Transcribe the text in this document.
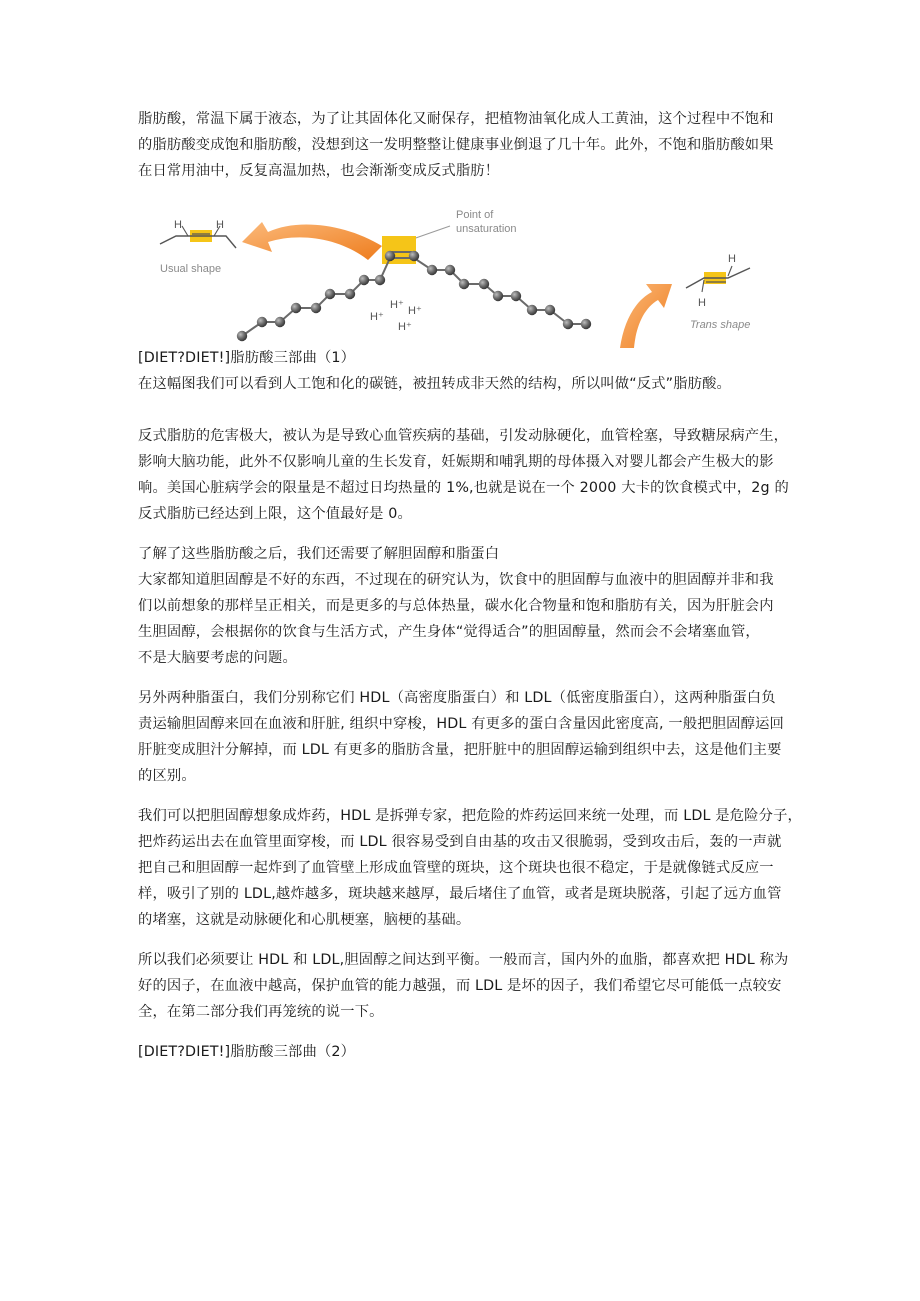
脂肪酸，常温下属于液态，为了让其固体化又耐保存，把植物油氧化成人工黄油，这个过程中不饱和
的脂肪酸变成饱和脂肪酸，没想到这一发明整整让健康事业倒退了几十年。此外，不饱和脂肪酸如果
在日常用油中，反复高温加热，也会渐渐变成反式脂肪！

H	H
Usual shape
Point of
unsaturation
H⁺
H⁺ H⁺
H⁺
H
H
Trans shape

[DIET?DIET!]脂肪酸三部曲（1）
在这幅图我们可以看到人工饱和化的碳链，被扭转成非天然的结构，所以叫做“反式”脂肪酸。

反式脂肪的危害极大，被认为是导致心血管疾病的基础，引发动脉硬化，血管栓塞，导致糖尿病产生，
影响大脑功能，此外不仅影响儿童的生长发育，妊娠期和哺乳期的母体摄入对婴儿都会产生极大的影
响。美国心脏病学会的限量是不超过日均热量的 1%,也就是说在一个 2000 大卡的饮食模式中，2g 的
反式脂肪已经达到上限，这个值最好是 0。

了解了这些脂肪酸之后，我们还需要了解胆固醇和脂蛋白
大家都知道胆固醇是不好的东西，不过现在的研究认为，饮食中的胆固醇与血液中的胆固醇并非和我
们以前想象的那样呈正相关，而是更多的与总体热量，碳水化合物量和饱和脂肪有关，因为肝脏会内
生胆固醇，会根据你的饮食与生活方式，产生身体“觉得适合”的胆固醇量，然而会不会堵塞血管，
不是大脑要考虑的问题。

另外两种脂蛋白，我们分别称它们 HDL（高密度脂蛋白）和 LDL（低密度脂蛋白），这两种脂蛋白负
责运输胆固醇来回在血液和肝脏, 组织中穿梭，HDL 有更多的蛋白含量因此密度高, 一般把胆固醇运回
肝脏变成胆汁分解掉，而 LDL 有更多的脂肪含量，把肝脏中的胆固醇运输到组织中去，这是他们主要
的区别。

我们可以把胆固醇想象成炸药，HDL 是拆弹专家，把危险的炸药运回来统一处理，而 LDL 是危险分子，
把炸药运出去在血管里面穿梭，而 LDL 很容易受到自由基的攻击又很脆弱，受到攻击后，轰的一声就
把自己和胆固醇一起炸到了血管壁上形成血管壁的斑块，这个斑块也很不稳定，于是就像链式反应一
样，吸引了别的 LDL,越炸越多，斑块越来越厚，最后堵住了血管，或者是斑块脱落，引起了远方血管
的堵塞，这就是动脉硬化和心肌梗塞，脑梗的基础。

所以我们必须要让 HDL 和 LDL,胆固醇之间达到平衡。一般而言，国内外的血脂，都喜欢把 HDL 称为
好的因子，在血液中越高，保护血管的能力越强，而 LDL 是坏的因子，我们希望它尽可能低一点较安
全，在第二部分我们再笼统的说一下。

[DIET?DIET!]脂肪酸三部曲（2）
